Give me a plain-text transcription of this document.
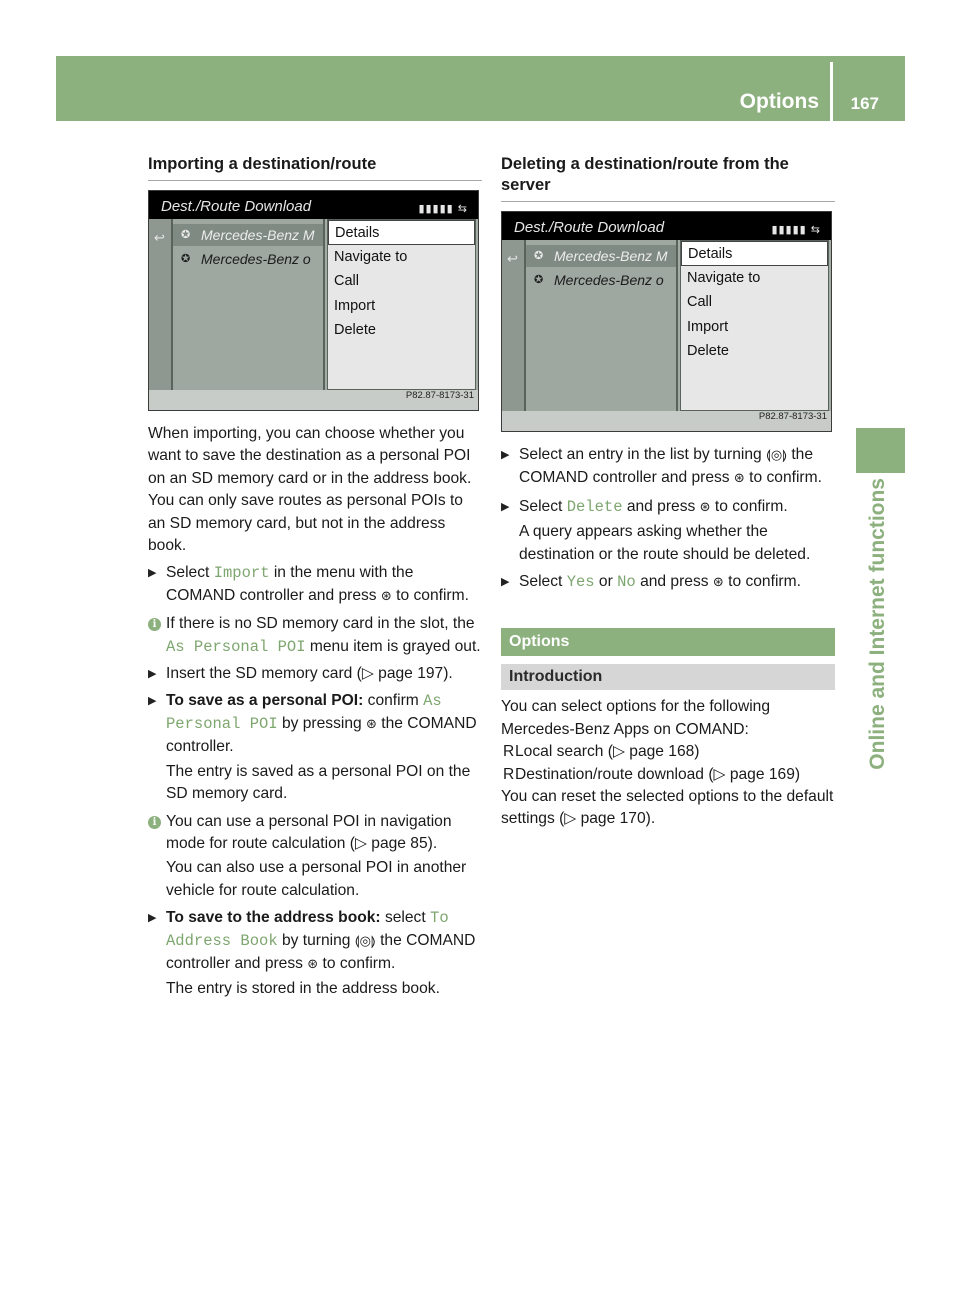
Options 167
Online and Internet functions
Importing a destination/route
Dest./Route Download	▮▮▮▮▮ ⇆
↩ ✪ Mercedes-Benz M
✪ Mercedes-Benz o
Details
Navigate to
Call
Import
Delete
P82.87-8173-31

When importing, you can choose whether you want to save the destination as a personal POI on an SD memory card or in the address book. You can only save routes as personal POIs to an SD memory card, but not in the address book.

▶ Select Import in the menu with the COMAND controller and press ⊛ to confirm.
i If there is no SD memory card in the slot, the As Personal POI menu item is grayed out.
▶ Insert the SD memory card (▷ page 197).
▶ To save as a personal POI: confirm As Personal POI by pressing ⊛ the COMAND controller.
The entry is saved as a personal POI on the SD memory card.
i You can use a personal POI in navigation mode for route calculation (▷ page 85).
You can also use a personal POI in another vehicle for route calculation.
▶ To save to the address book: select To Address Book by turning ⟬◎⟭ the COMAND controller and press ⊛ to confirm.
The entry is stored in the address book.
Deleting a destination/route from the server
Dest./Route Download	▮▮▮▮▮ ⇆
↩ ✪ Mercedes-Benz M
✪ Mercedes-Benz o
Details
Navigate to
Call
Import
Delete
P82.87-8173-31
▶ Select an entry in the list by turning ⟬◎⟭ the COMAND controller and press ⊛ to confirm.
▶ Select Delete and press ⊛ to confirm.
A query appears asking whether the destination or the route should be deleted.
▶ Select Yes or No and press ⊛ to confirm.
Options
Introduction

You can select options for the following Mercedes-Benz Apps on COMAND:

R Local search (▷ page 168)
R Destination/route download (▷ page 169)

You can reset the selected options to the default settings (▷ page 170).
